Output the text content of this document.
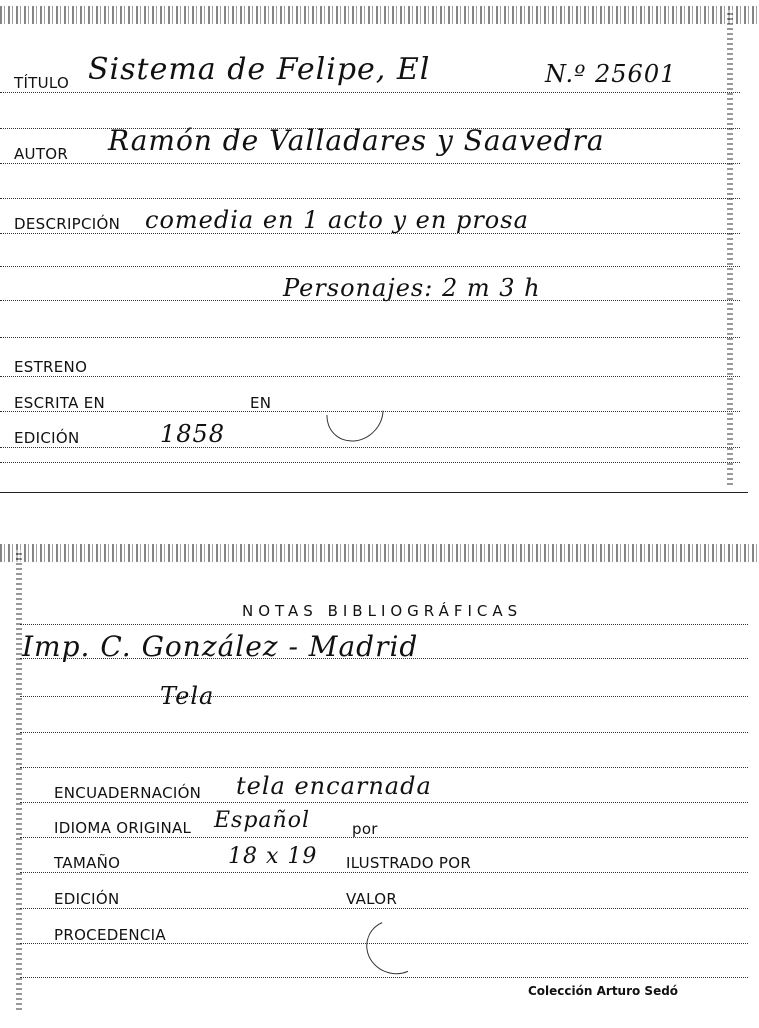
TÍTULO Sistema de Felipe, El	N.º 25601
AUTOR Ramón de Valladares y Saavedra
DESCRIPCIÓN comedia en 1 acto y en prosa
Personajes: 2 m 3 h
ESTRENO
ESCRITA EN	EN
EDICIÓN	1858
NOTAS BIBLIOGRÁFICAS
Imp. C. González - Madrid
Tela
ENCUADERNACIÓN tela encarnada
IDIOMA ORIGINAL Español	por
TAMAÑO	18 x 19 ILUSTRADO POR
EDICIÓN	VALOR
PROCEDENCIA
Colección Arturo Sedó
